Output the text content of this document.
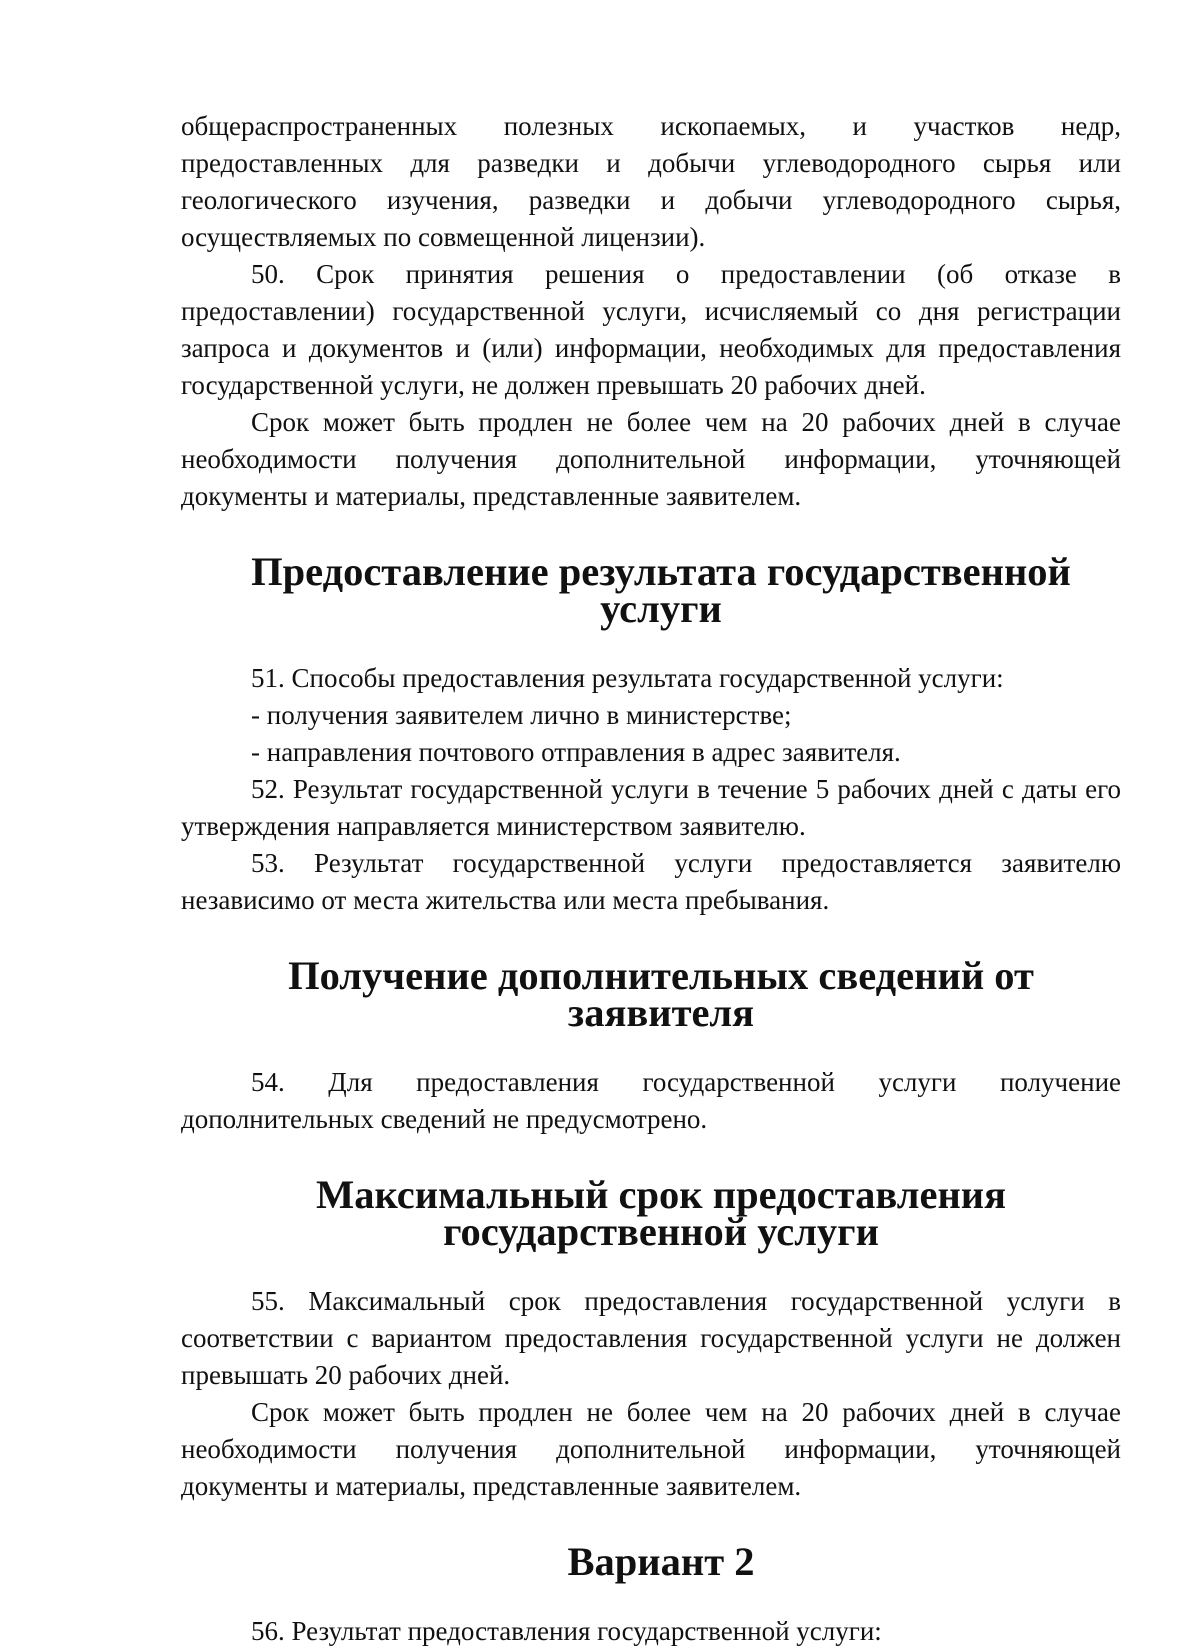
общераспространенных полезных ископаемых, и участков недр, предоставленных для разведки и добычи углеводородного сырья или геологического изучения, разведки и добычи углеводородного сырья, осуществляемых по совмещенной лицензии).

50. Срок принятия решения о предоставлении (об отказе в предоставлении) государственной услуги, исчисляемый со дня регистрации запроса и документов и (или) информации, необходимых для предоставления государственной услуги, не должен превышать 20 рабочих дней.

Срок может быть продлен не более чем на 20 рабочих дней в случае необходимости получения дополнительной информации, уточняющей документы и материалы, представленные заявителем.

Предоставление результата государственной услуги

51. Способы предоставления результата государственной услуги:

- получения заявителем лично в министерстве;

- направления почтового отправления в адрес заявителя.

52. Результат государственной услуги в течение 5 рабочих дней с даты его утверждения направляется министерством заявителю.

53. Результат государственной услуги предоставляется заявителю независимо от места жительства или места пребывания.

Получение дополнительных сведений от заявителя

54. Для предоставления государственной услуги получение дополнительных сведений не предусмотрено.

Максимальный срок предоставления государственной услуги

55. Максимальный срок предоставления государственной услуги в соответствии с вариантом предоставления государственной услуги не должен превышать 20 рабочих дней.

Срок может быть продлен не более чем на 20 рабочих дней в случае необходимости получения дополнительной информации, уточняющей документы и материалы, представленные заявителем.

Вариант 2

56. Результат предоставления государственной услуги:
